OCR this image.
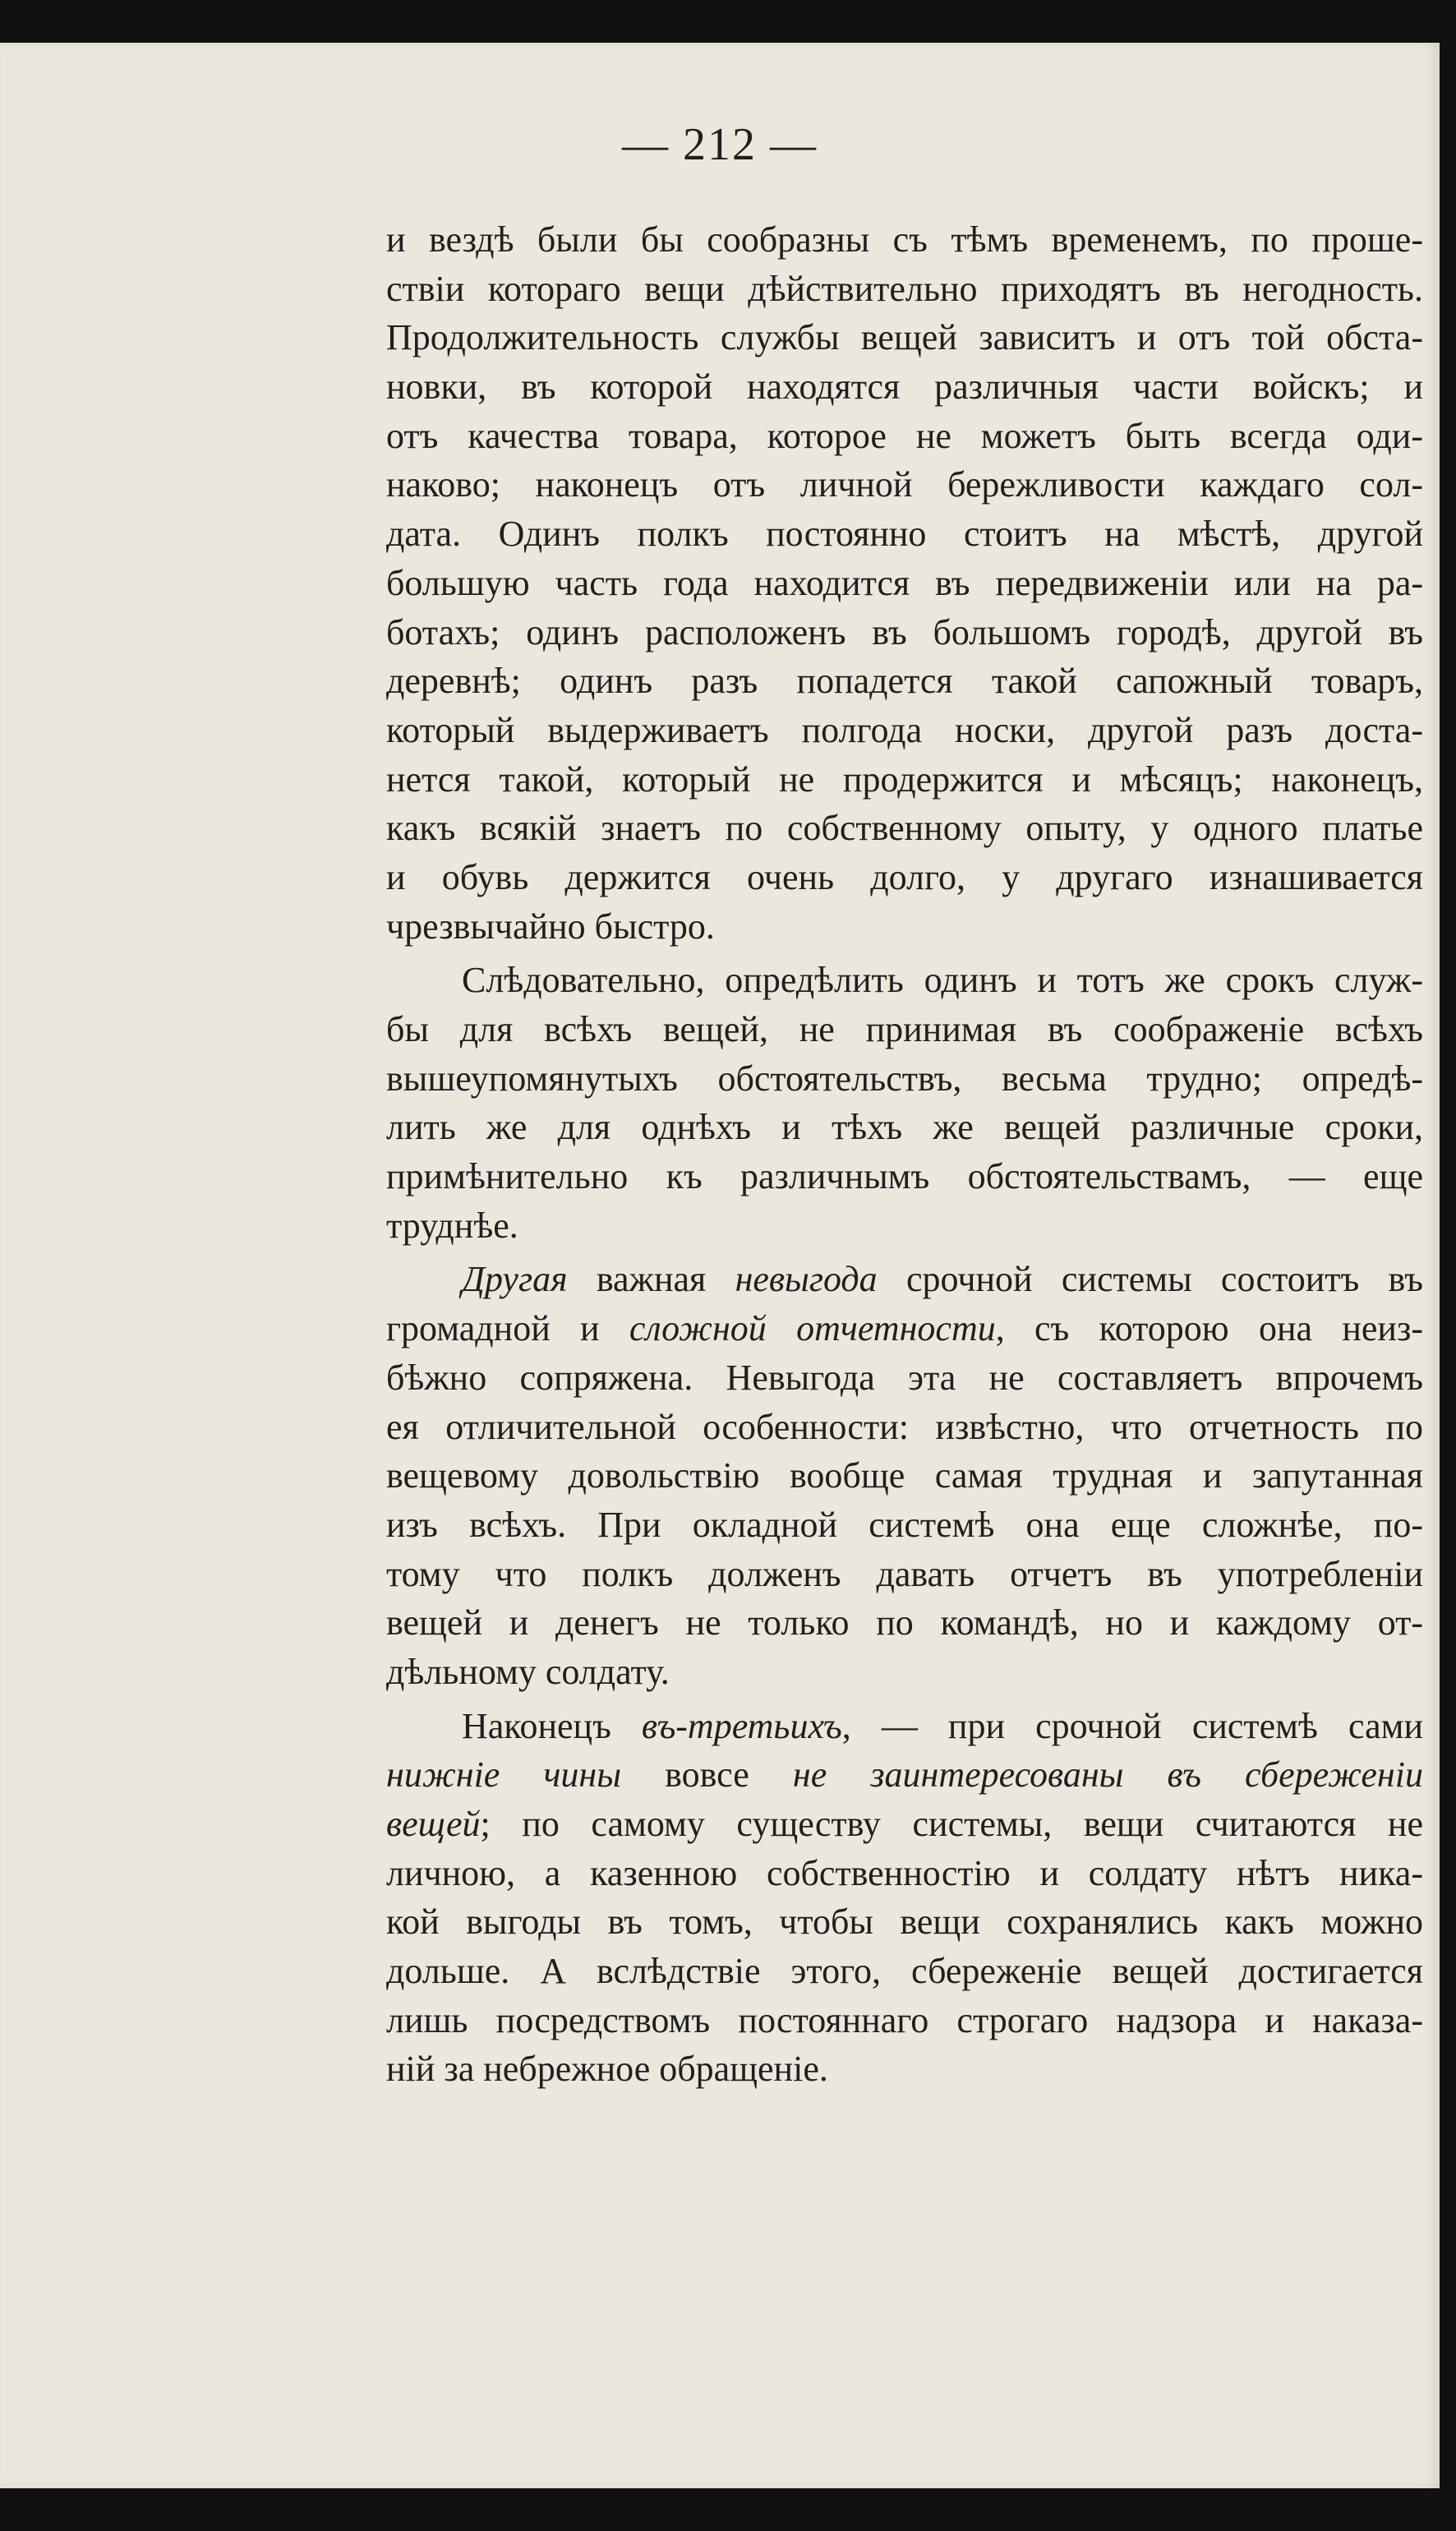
— 212 —
и вездѣ были бы сообразны съ тѣмъ временемъ, по проше-
ствіи котораго вещи дѣйствительно приходятъ въ негодность.
Продолжительность службы вещей зависитъ и отъ той обста-
новки, въ которой находятся различныя части войскъ; и
отъ качества товара, которое не можетъ быть всегда оди-
наково; наконецъ отъ личной бережливости каждаго сол-
дата. Одинъ полкъ постоянно стоитъ на мѣстѣ, другой
большую часть года находится въ передвиженіи или на ра-
ботахъ; одинъ расположенъ въ большомъ городѣ, другой въ
деревнѣ; одинъ разъ попадется такой сапожный товаръ,
который выдерживаетъ полгода носки, другой разъ доста-
нется такой, который не продержится и мѣсяцъ; наконецъ,
какъ всякій знаетъ по собственному опыту, у одного платье
и обувь держится очень долго, у другаго изнашивается
чрезвычайно быстро.
Слѣдовательно, опредѣлить одинъ и тотъ же срокъ служ-
бы для всѣхъ вещей, не принимая въ соображеніе всѣхъ
вышеупомянутыхъ обстоятельствъ, весьма трудно; опредѣ-
лить же для однѣхъ и тѣхъ же вещей различные сроки,
примѣнительно къ различнымъ обстоятельствамъ, — еще
труднѣе.
Другая важная невыгода срочной системы состоитъ въ
громадной и сложной отчетности, съ которою она неиз-
бѣжно сопряжена. Невыгода эта не составляетъ впрочемъ
ея отличительной особенности: извѣстно, что отчетность по
вещевому довольствію вообще самая трудная и запутанная
изъ всѣхъ. При окладной системѣ она еще сложнѣе, по-
тому что полкъ долженъ давать отчетъ въ употребленіи
вещей и денегъ не только по командѣ, но и каждому от-
дѣльному солдату.
Наконецъ въ-третьихъ, — при срочной системѣ сами
нижніе чины вовсе не заинтересованы въ сбереженіи
вещей; по самому существу системы, вещи считаются не
личною, а казенною собственностію и солдату нѣтъ ника-
кой выгоды въ томъ, чтобы вещи сохранялись какъ можно
дольше. А вслѣдствіе этого, сбереженіе вещей достигается
лишь посредствомъ постояннаго строгаго надзора и наказа-
ній за небрежное обращеніе.
